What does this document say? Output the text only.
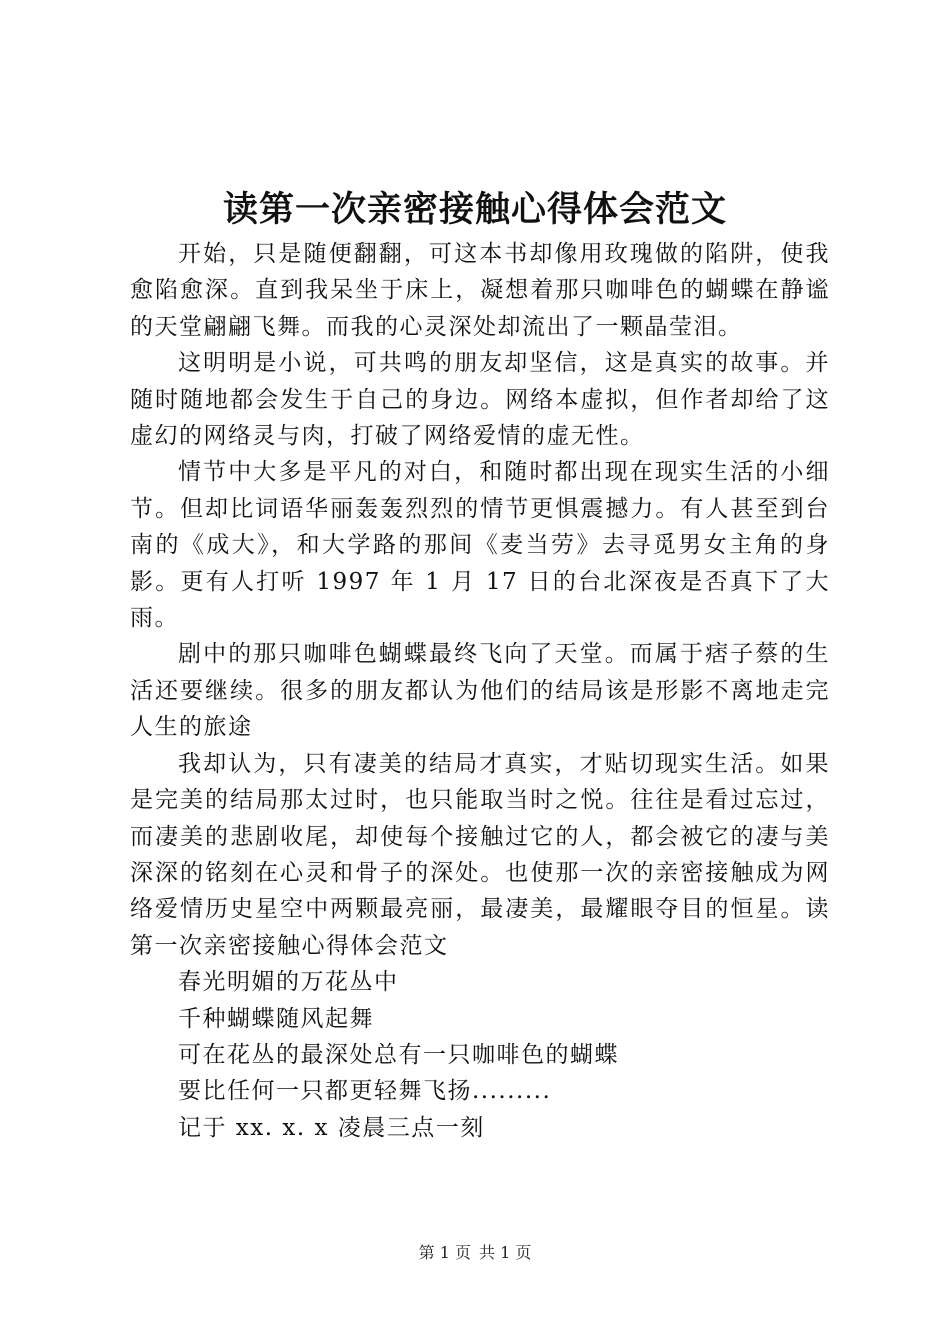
读第一次亲密接触心得体会范文

开始，只是随便翻翻，可这本书却像用玫瑰做的陷阱，使我愈陷愈深。直到我呆坐于床上，凝想着那只咖啡色的蝴蝶在静谧的天堂翩翩飞舞。而我的心灵深处却流出了一颗晶莹泪。

这明明是小说，可共鸣的朋友却坚信，这是真实的故事。并随时随地都会发生于自己的身边。网络本虚拟，但作者却给了这虚幻的网络灵与肉，打破了网络爱情的虚无性。

情节中大多是平凡的对白，和随时都出现在现实生活的小细节。但却比词语华丽轰轰烈烈的情节更惧震撼力。有人甚至到台南的《成大》，和大学路的那间《麦当劳》去寻觅男女主角的身影。更有人打听 1997 年 1 月 17 日的台北深夜是否真下了大雨。

剧中的那只咖啡色蝴蝶最终飞向了天堂。而属于痞子蔡的生活还要继续。很多的朋友都认为他们的结局该是形影不离地走完人生的旅途

我却认为，只有凄美的结局才真实，才贴切现实生活。如果是完美的结局那太过时，也只能取当时之悦。往往是看过忘过，而凄美的悲剧收尾，却使每个接触过它的人，都会被它的凄与美深深的铭刻在心灵和骨子的深处。也使那一次的亲密接触成为网络爱情历史星空中两颗最亮丽，最凄美，最耀眼夺目的恒星。读第一次亲密接触心得体会范文

春光明媚的万花丛中

千种蝴蝶随风起舞

可在花丛的最深处总有一只咖啡色的蝴蝶

要比任何一只都更轻舞飞扬.........

记于 xx. x. x 凌晨三点一刻

第 1 页 共 1 页
